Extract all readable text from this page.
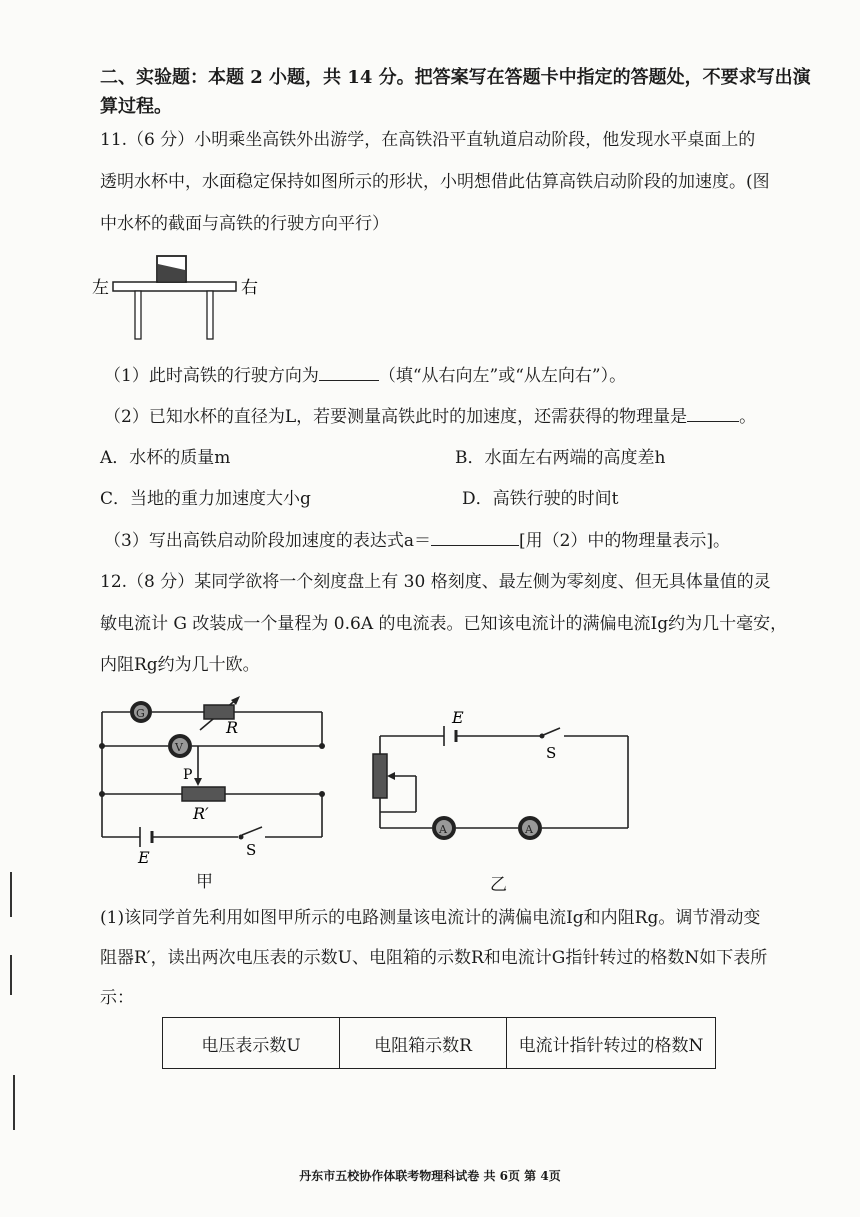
二、实验题：本题 2 小题，共 14 分。把答案写在答题卡中指定的答题处，不要求写出演
算过程。
11.（6 分）小明乘坐高铁外出游学，在高铁沿平直轨道启动阶段，他发现水平桌面上的
透明水杯中，水面稳定保持如图所示的形状，小明想借此估算高铁启动阶段的加速度。(图
中水杯的截面与高铁的行驶方向平行）
左	右
（1）此时高铁的行驶方向为	（填“从右向左”或“从左向右”）。
（2）已知水杯的直径为L，若要测量高铁此时的加速度，还需获得的物理量是	。
A．水杯的质量m	B．水面左右两端的高度差h
C．当地的重力加速度大小g	D．高铁行驶的时间t
（3）写出高铁启动阶段加速度的表达式a＝	[用（2）中的物理量表示]。
12.（8 分）某同学欲将一个刻度盘上有 30 格刻度、最左侧为零刻度、但无具体量值的灵
敏电流计 G 改装成一个量程为 0.6A 的电流表。已知该电流计的满偏电流Ig约为几十毫安，
内阻Rg约为几十欧。
G
R
V
P
R′
E	S
甲
A	A
E
S
乙
(1)该同学首先利用如图甲所示的电路测量该电流计的满偏电流Ig和内阻Rg。调节滑动变
阻器R′，读出两次电压表的示数U、电阻箱的示数R和电流计G指针转过的格数N如下表所
示：
电压表示数U	电阻箱示数R	电流计指针转过的格数N
丹东市五校协作体联考物理科试卷 共 6页 第 4页
